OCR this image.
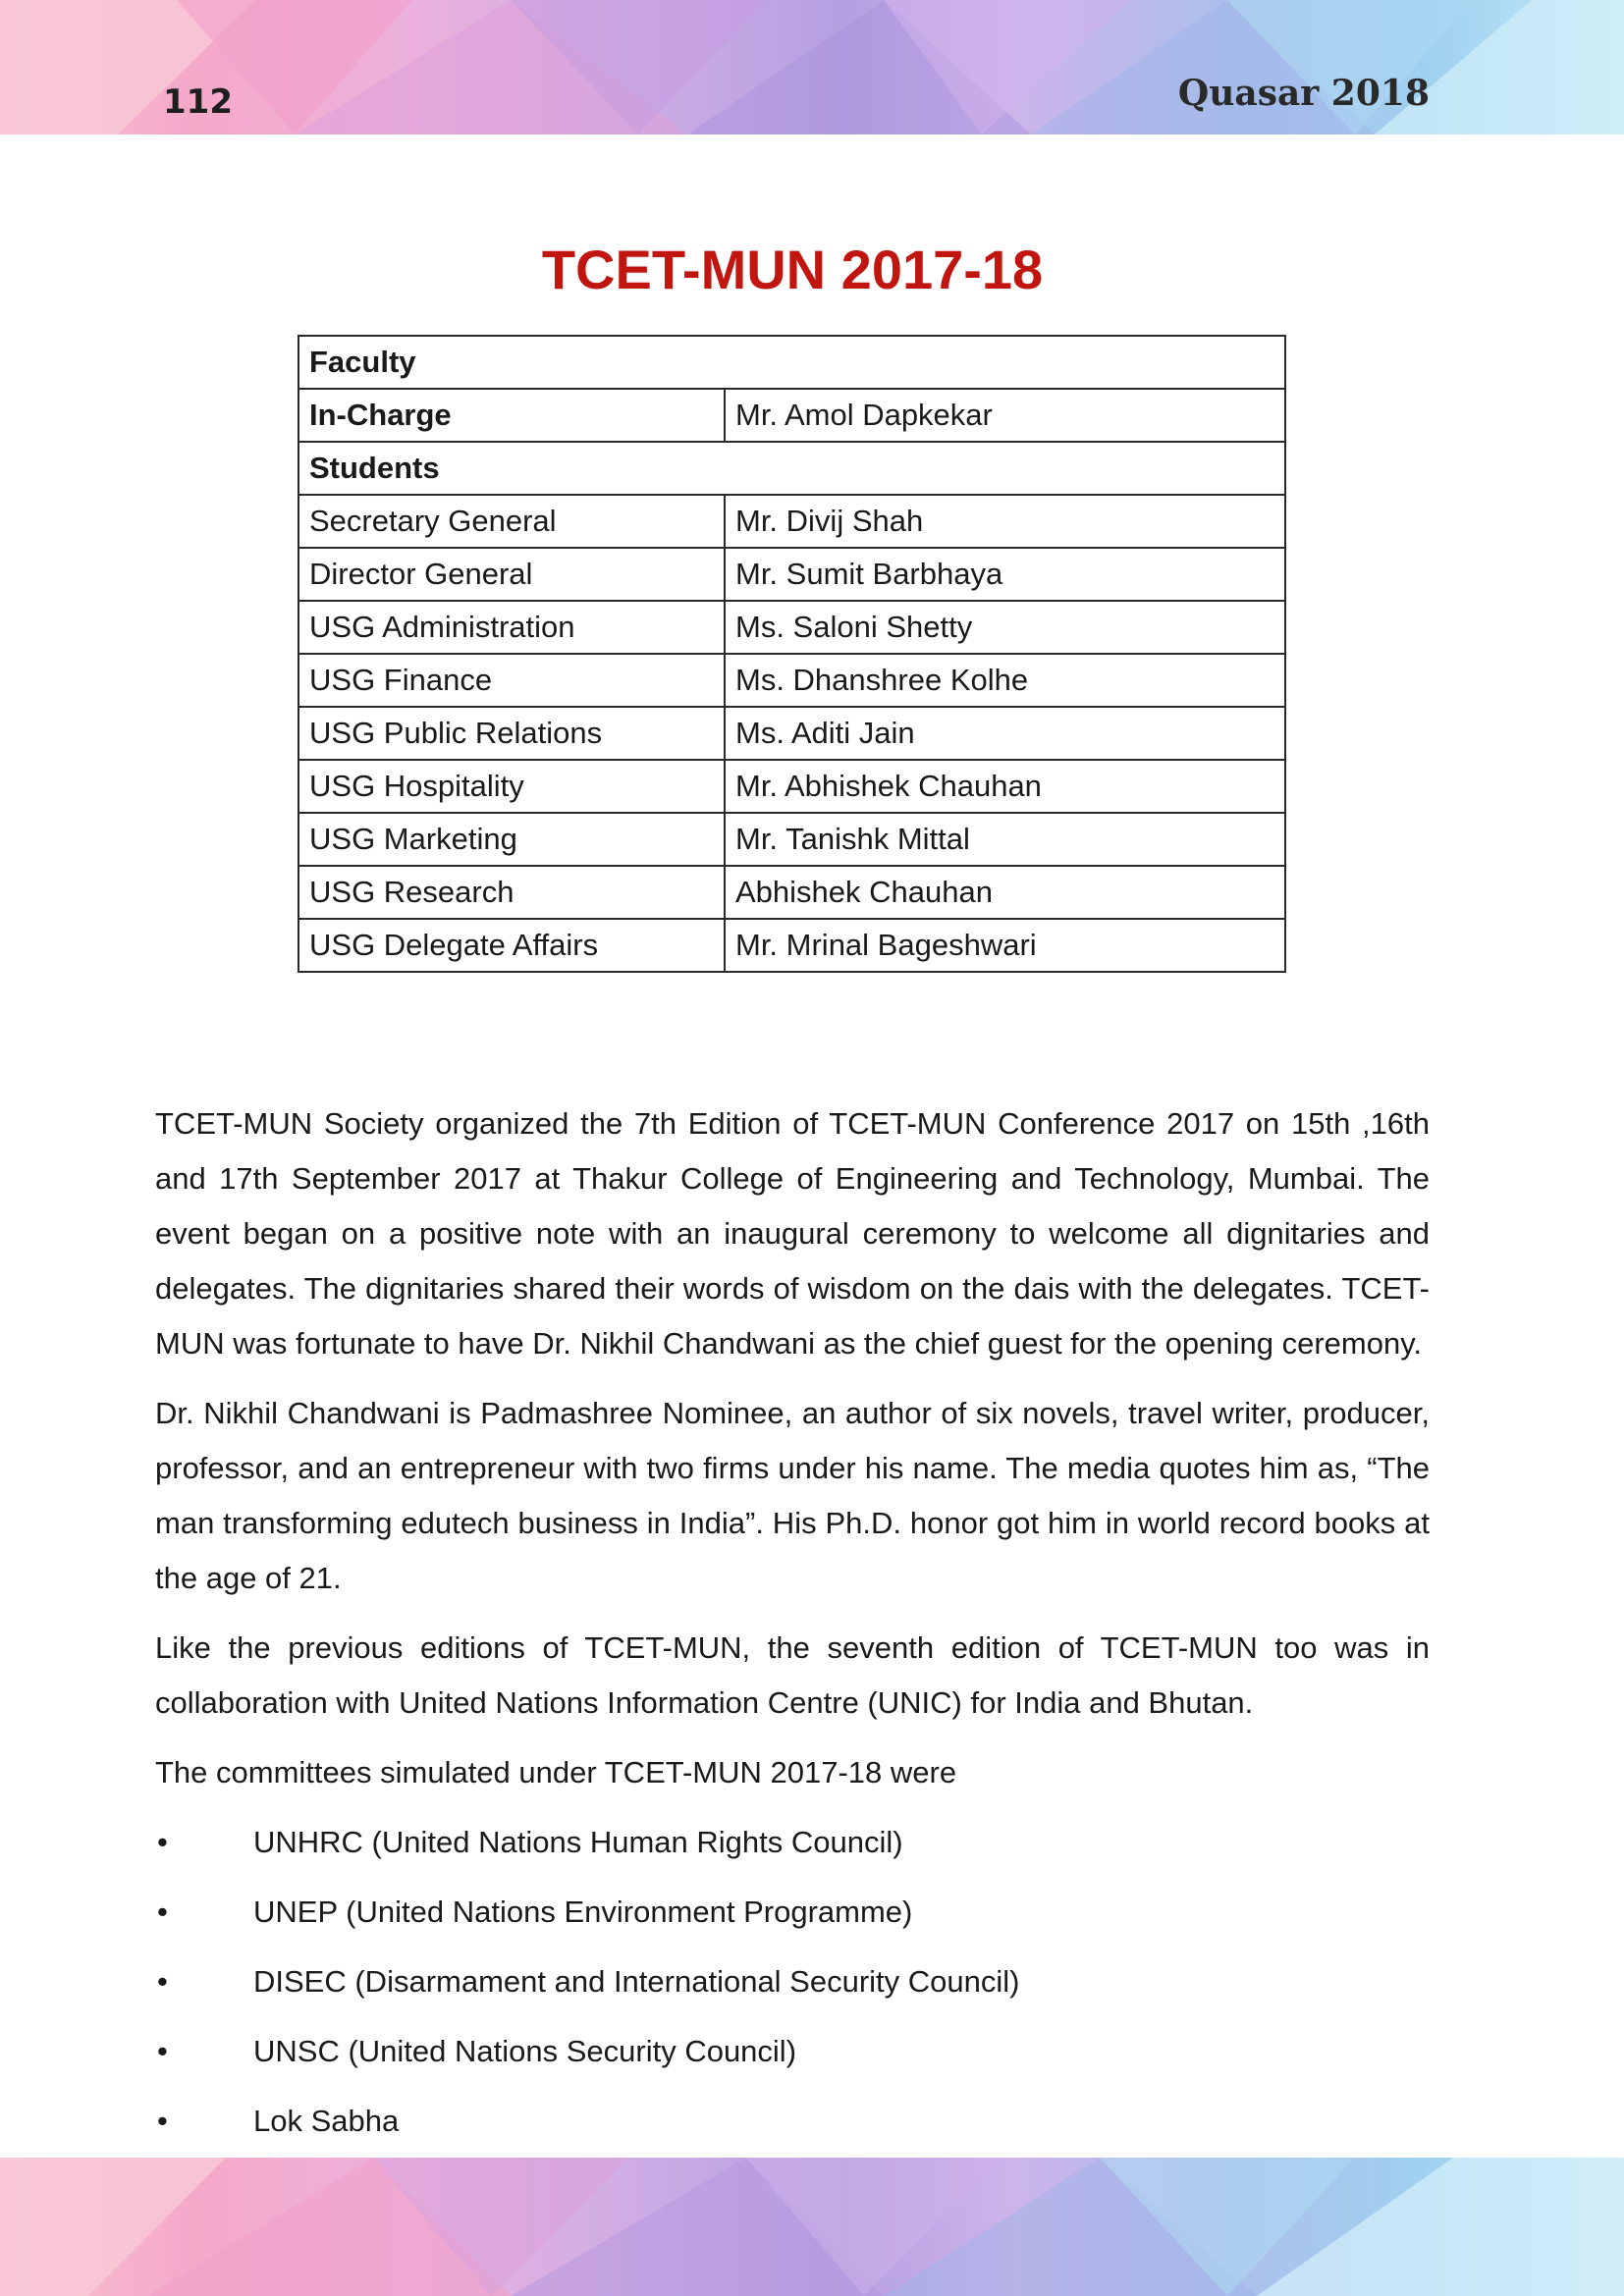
112	Quasar 2018
TCET-MUN 2017-18
Faculty	
In-Charge	Mr. Amol Dapkekar
Students	
Secretary General	Mr. Divij Shah
Director General	Mr. Sumit Barbhaya
USG Administration	Ms. Saloni Shetty
USG Finance	Ms. Dhanshree Kolhe
USG Public Relations	Ms. Aditi Jain
USG Hospitality	Mr. Abhishek Chauhan
USG Marketing	Mr. Tanishk Mittal
USG Research	Abhishek Chauhan
USG Delegate Affairs	Mr. Mrinal Bageshwari

TCET-MUN Society organized the 7th Edition of TCET-MUN Conference 2017 on 15th ,16th and 17th September 2017 at Thakur College of Engineering and Technology, Mumbai. The event began on a positive note with an inaugural ceremony to welcome all dignitaries and delegates. The dignitaries shared their words of wisdom on the dais with the delegates. TCET-MUN was fortunate to have Dr. Nikhil Chandwani as the chief guest for the opening ceremony.

Dr. Nikhil Chandwani is Padmashree Nominee, an author of six novels, travel writer, producer, professor, and an entrepreneur with two firms under his name. The media quotes him as, “The man transforming edutech business in India”. His Ph.D. honor got him in world record books at the age of 21.

Like the previous editions of TCET-MUN, the seventh edition of TCET-MUN too was in collaboration with United Nations Information Centre (UNIC) for India and Bhutan.

The committees simulated under TCET-MUN 2017-18 were

•	UNHRC (United Nations Human Rights Council)
•	UNEP (United Nations Environment Programme)
•	DISEC (Disarmament and International Security Council)
•	UNSC (United Nations Security Council)
•	Lok Sabha
